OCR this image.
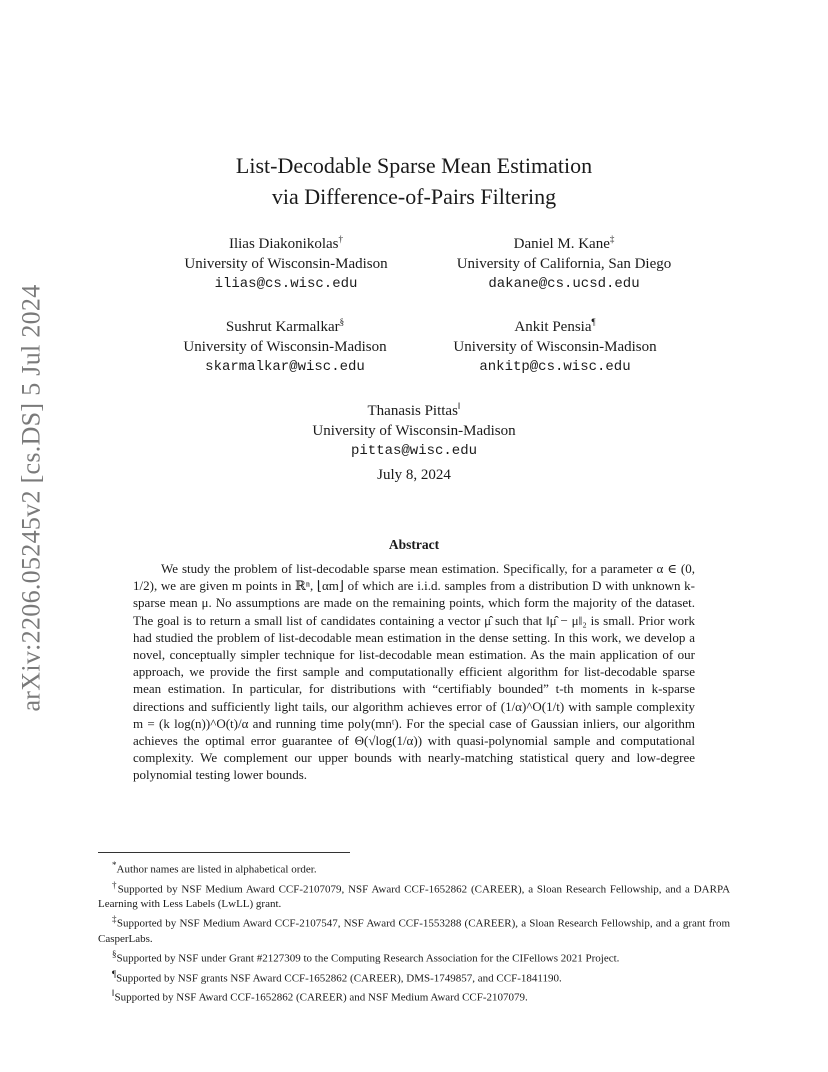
arXiv:2206.05245v2 [cs.DS] 5 Jul 2024
List-Decodable Sparse Mean Estimation
via Difference-of-Pairs Filtering
Ilias Diakonikolas†
University of Wisconsin-Madison
ilias@cs.wisc.edu
Daniel M. Kane‡
University of California, San Diego
dakane@cs.ucsd.edu
Sushrut Karmalkar§
University of Wisconsin-Madison
skarmalkar@wisc.edu
Ankit Pensia¶
University of Wisconsin-Madison
ankitp@cs.wisc.edu
Thanasis Pittas‖
University of Wisconsin-Madison
pittas@wisc.edu
July 8, 2024
Abstract
We study the problem of list-decodable sparse mean estimation. Specifically, for a parameter α ∈ (0, 1/2), we are given m points in ℝⁿ, ⌊αm⌋ of which are i.i.d. samples from a distribution D with unknown k-sparse mean μ. No assumptions are made on the remaining points, which form the majority of the dataset. The goal is to return a small list of candidates containing a vector μ̂ such that ‖μ̂ − μ‖₂ is small. Prior work had studied the problem of list-decodable mean estimation in the dense setting. In this work, we develop a novel, conceptually simpler technique for list-decodable mean estimation. As the main application of our approach, we provide the first sample and computationally efficient algorithm for list-decodable sparse mean estimation. In particular, for distributions with “certifiably bounded” t-th moments in k-sparse directions and sufficiently light tails, our algorithm achieves error of (1/α)^O(1/t) with sample complexity m = (k log(n))^O(t)/α and running time poly(mnᵗ). For the special case of Gaussian inliers, our algorithm achieves the optimal error guarantee of Θ(√log(1/α)) with quasi-polynomial sample and computational complexity. We complement our upper bounds with nearly-matching statistical query and low-degree polynomial testing lower bounds.

*Author names are listed in alphabetical order.

†Supported by NSF Medium Award CCF-2107079, NSF Award CCF-1652862 (CAREER), a Sloan Research Fellowship, and a DARPA Learning with Less Labels (LwLL) grant.

‡Supported by NSF Medium Award CCF-2107547, NSF Award CCF-1553288 (CAREER), a Sloan Research Fellowship, and a grant from CasperLabs.

§Supported by NSF under Grant #2127309 to the Computing Research Association for the CIFellows 2021 Project.

¶Supported by NSF grants NSF Award CCF-1652862 (CAREER), DMS-1749857, and CCF-1841190.

‖Supported by NSF Award CCF-1652862 (CAREER) and NSF Medium Award CCF-2107079.
